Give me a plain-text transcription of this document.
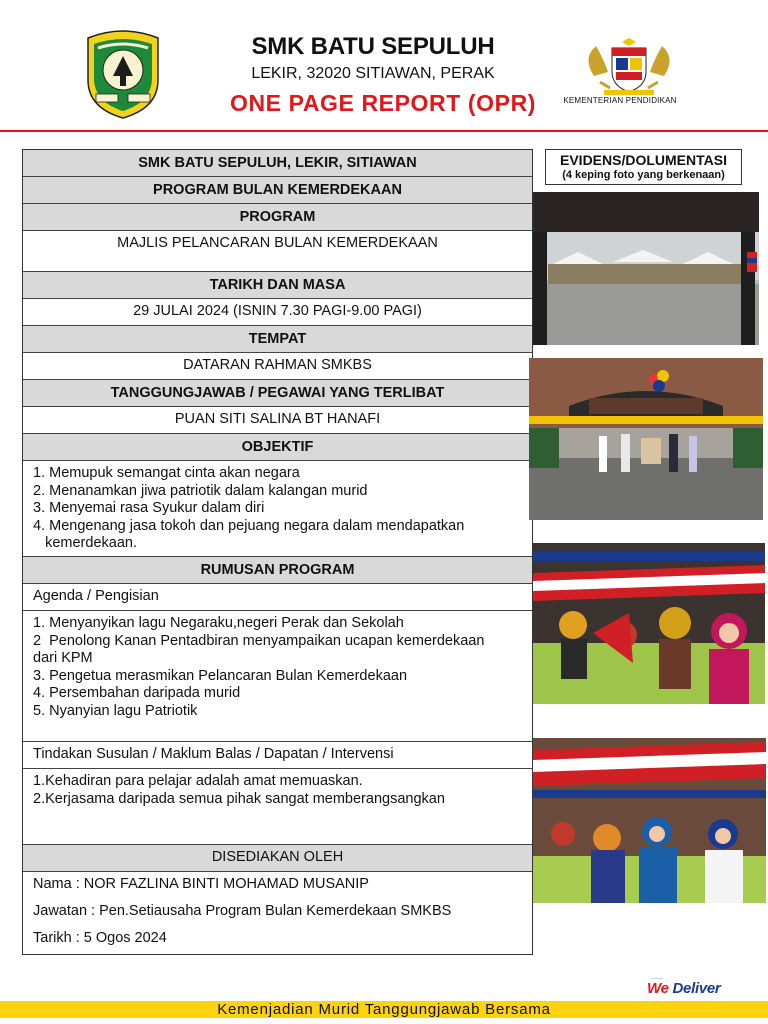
SMK BATU SEPULUH
LEKIR, 32020 SITIAWAN, PERAK
ONE PAGE REPORT (OPR)	KEMENTERIAN PENDIDIKAN
SMK BATU SEPULUH, LEKIR, SITIAWAN
PROGRAM BULAN KEMERDEKAAN
PROGRAM
MAJLIS PELANCARAN BULAN KEMERDEKAAN
TARIKH DAN MASA
29 JULAI 2024 (ISNIN 7.30 PAGI-9.00 PAGI)
TEMPAT
DATARAN RAHMAN SMKBS
TANGGUNGJAWAB / PEGAWAI YANG TERLIBAT
PUAN SITI SALINA BT HANAFI
OBJEKTIF
1. Memupuk semangat cinta akan negara
2. Menanamkan jiwa patriotik dalam kalangan murid
3. Menyemai rasa Syukur dalam diri
4. Mengenang jasa tokoh dan pejuang negara dalam mendapatkan
kemerdekaan.
RUMUSAN PROGRAM
Agenda / Pengisian
1. Menyanyikan lagu Negaraku,negeri Perak dan Sekolah
2  Penolong Kanan Pentadbiran menyampaikan ucapan kemerdekaan
dari KPM
3. Pengetua merasmikan Pelancaran Bulan Kemerdekaan
4. Persembahan daripada murid
5. Nyanyian lagu Patriotik
Tindakan Susulan / Maklum Balas / Dapatan / Intervensi
1.Kehadiran para pelajar adalah amat memuaskan.
2.Kerjasama daripada semua pihak sangat memberangsangkan
DISEDIAKAN OLEH
Nama : NOR FAZLINA BINTI MOHAMAD MUSANIP
Jawatan : Pen.Setiausaha Program Bulan Kemerdekaan SMKBS
Tarikh : 5 Ogos 2024
EVIDENS/DOLUMENTASI
(4 keping foto yang berkenaan)
────
We Deliver
Kemenjadian Murid Tanggungjawab Bersama
